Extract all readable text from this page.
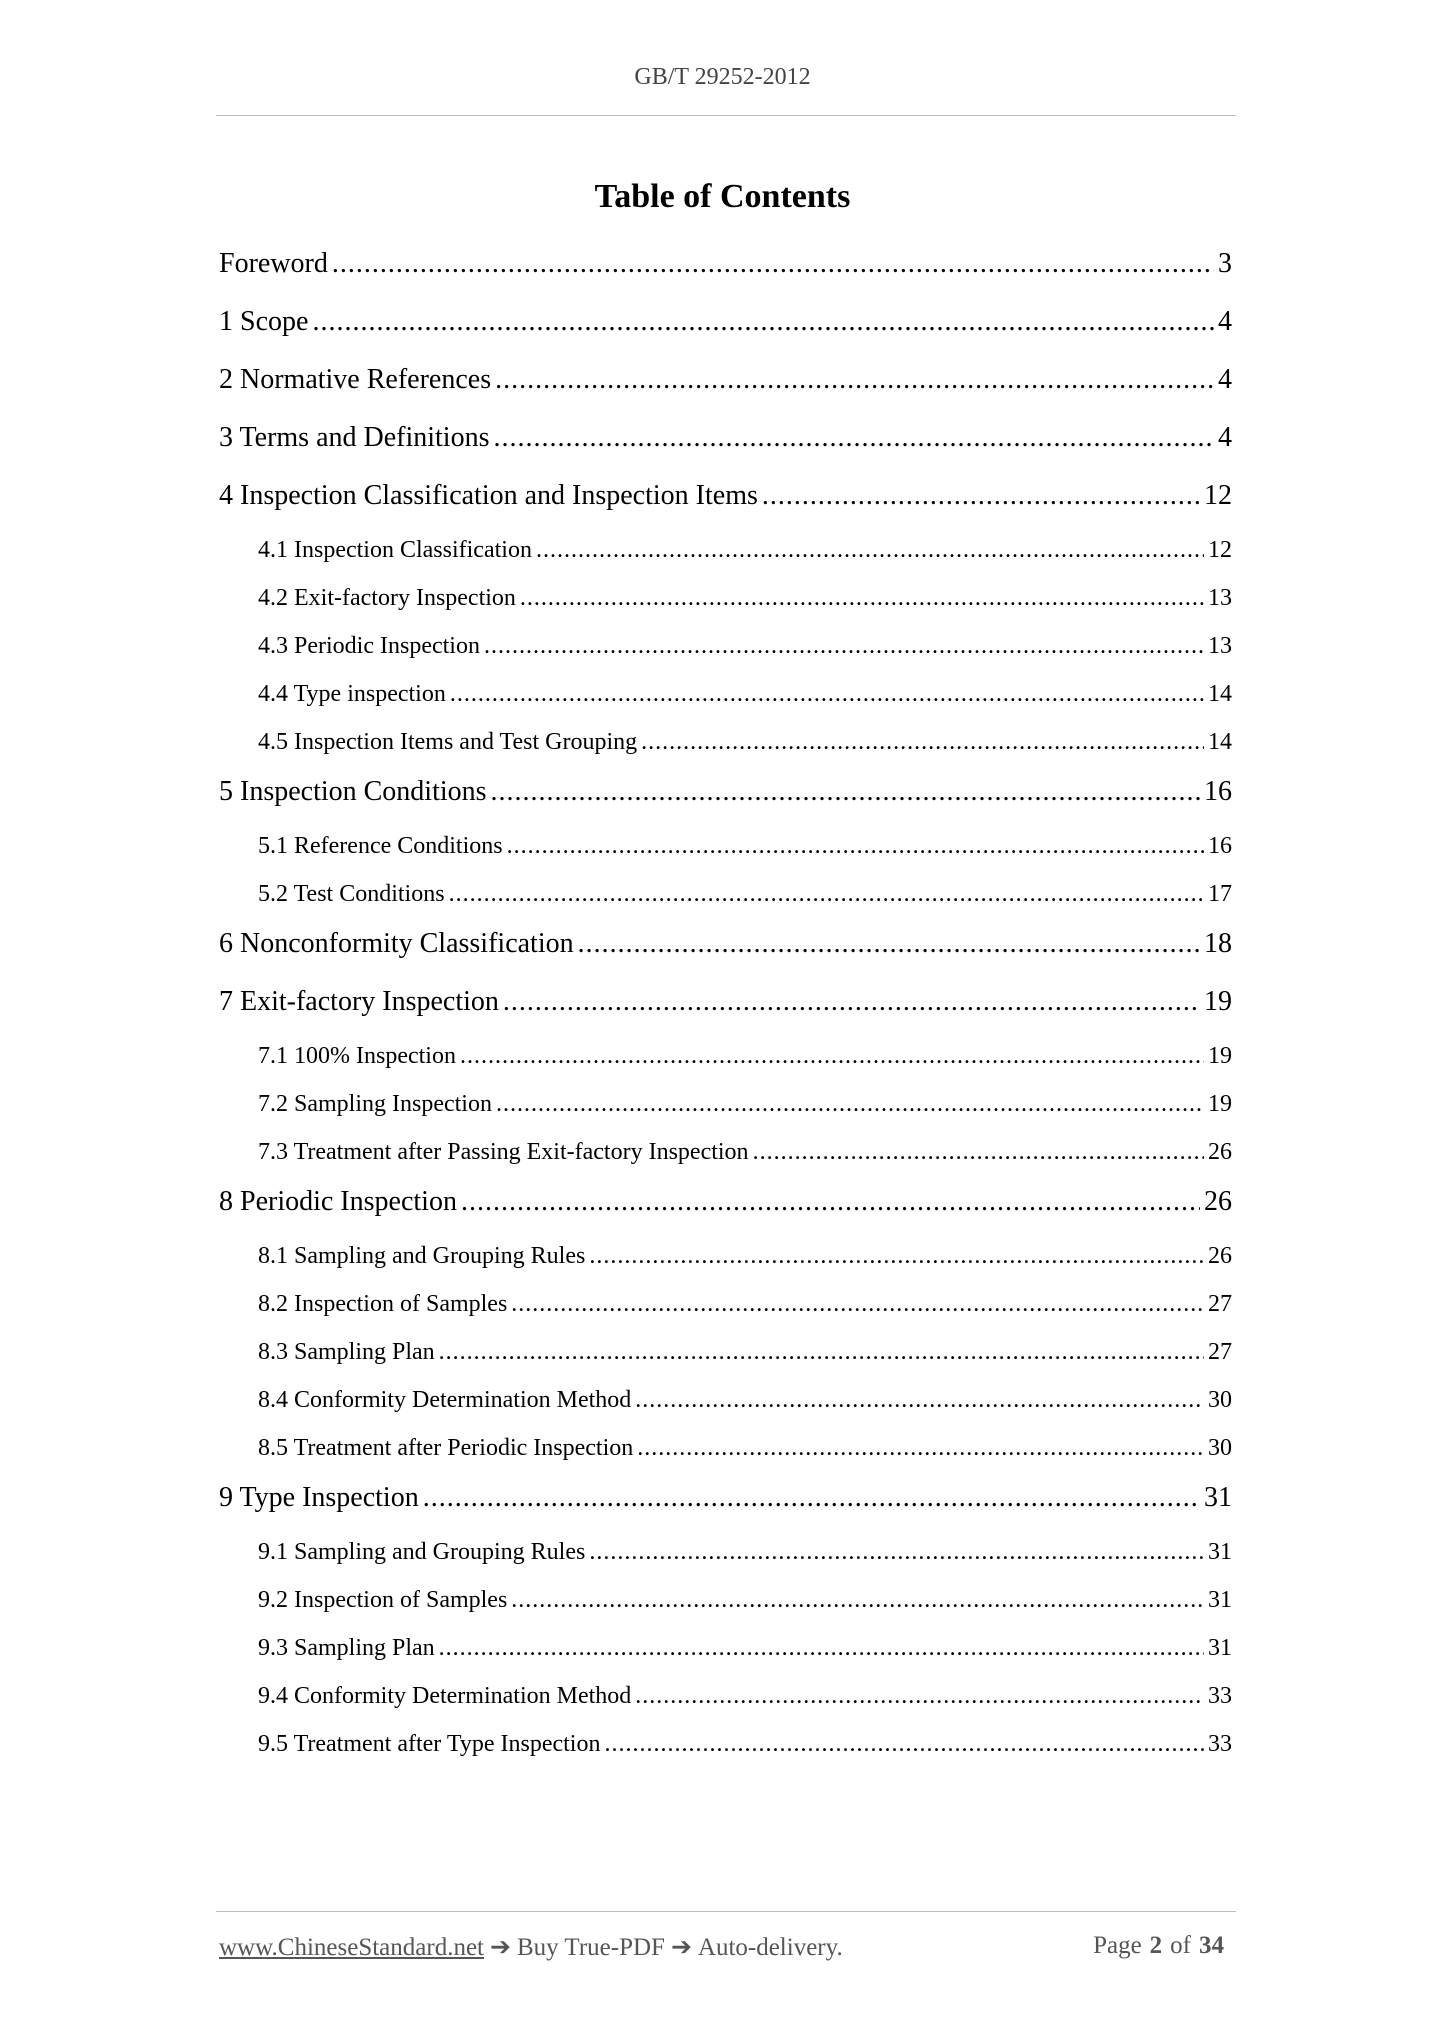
GB/T 29252-2012
Table of Contents
Foreword .....	3
1 Scope .....	4
2 Normative References .....	4
3 Terms and Definitions .....	4
4 Inspection Classification and Inspection Items .....	12
4.1 Inspection Classification .....	12
4.2 Exit-factory Inspection .....	13
4.3 Periodic Inspection .....	13
4.4 Type inspection .....	14
4.5 Inspection Items and Test Grouping .....	14
5 Inspection Conditions .....	16
5.1 Reference Conditions .....	16
5.2 Test Conditions .....	17
6 Nonconformity Classification .....	18
7 Exit-factory Inspection .....	19
7.1 100% Inspection .....	19
7.2 Sampling Inspection .....	19
7.3 Treatment after Passing Exit-factory Inspection .....	26
8 Periodic Inspection .....	26
8.1 Sampling and Grouping Rules .....	26
8.2 Inspection of Samples .....	27
8.3 Sampling Plan .....	27
8.4 Conformity Determination Method .....	30
8.5 Treatment after Periodic Inspection .....	30
9 Type Inspection .....	31
9.1 Sampling and Grouping Rules .....	31
9.2 Inspection of Samples .....	31
9.3 Sampling Plan .....	31
9.4 Conformity Determination Method .....	33
9.5 Treatment after Type Inspection .....	33
www.ChineseStandard.net ➔ Buy True-PDF ➔ Auto-delivery.	Page 2 of 34
